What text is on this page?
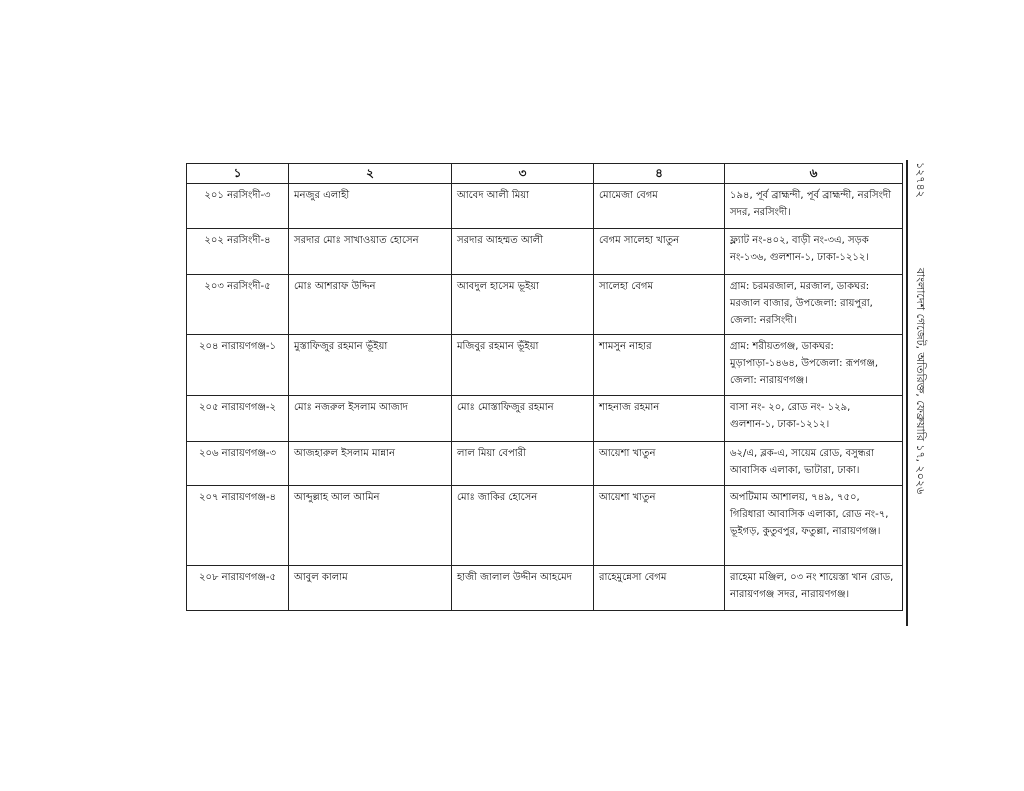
১	২	৩	৪	৬
২০১ নরসিংদী-৩	মনজুর এলাহী	আবেদ আলী মিয়া	মোমেজা বেগম	১৯৪, পূর্ব ব্রাহ্মন্দী, পূর্ব ব্রাহ্মন্দী, নরসিংদী সদর, নরসিংদী।
২০২ নরসিংদী-৪	সরদার মোঃ সাখাওয়াত হোসেন	সরদার আহম্মত আলী	বেগম সালেহা খাতুন	ফ্ল্যাট নং-৪০২, বাড়ী নং-৩এ, সড়ক নং-১৩৬, গুলশান-১, ঢাকা-১২১২।
২০৩ নরসিংদী-৫	মোঃ আশরাফ উদ্দিন	আবদুল হাসেম ভূইয়া	সালেহা বেগম	গ্রাম: চরমরজাল, মরজাল, ডাকঘর: মরজাল বাজার, উপজেলা: রায়পুরা, জেলা: নরসিংদী।
২০৪ নারায়ণগঞ্জ-১	মুস্তাফিজুর রহমান ভূঁইয়া	মজিবুর রহমান ভূঁইয়া	শামসুন নাহার	গ্রাম: শরীয়তগঞ্জ, ডাকঘর: মুড়াপাড়া-১৪৬৪, উপজেলা: রূপগঞ্জ, জেলা: নারায়ণগঞ্জ।
২০৫ নারায়ণগঞ্জ-২	মোঃ নজরুল ইসলাম আজাদ	মোঃ মোস্তাফিজুর রহমান	শাহনাজ রহমান	বাসা নং- ২০, রোড নং- ১২৯, গুলশান-১, ঢাকা-১২১২।
২০৬ নারায়ণগঞ্জ-৩	আজহারুল ইসলাম মান্নান	লাল মিয়া বেপারী	আয়েশা খাতুন	৬২/এ, ব্লক-এ, সায়েম রোড, বসুন্ধরা আবাসিক এলাকা, ভাটারা, ঢাকা।
২০৭ নারায়ণগঞ্জ-৪	আব্দুল্লাহ আল আমিন	মোঃ জাকির হোসেন	আয়েশা খাতুন	অপটিমাম আশালয়, ৭৪৯, ৭৫০, গিরিধারা আবাসিক এলাকা, রোড নং-৭, ভূইগড়, কুতুবপুর, ফতুল্লা, নারায়ণগঞ্জ।
২০৮ নারায়ণগঞ্জ-৫	আবুল কালাম	হাজী জালাল উদ্দীন আহমেদ	রাহেমুন্নেসা বেগম	রাহেমা মঞ্জিল, ০৩ নং শায়েস্তা খান রোড, নারায়ণগঞ্জ সদর, নারায়ণগঞ্জ।
১২৭৪২
বাংলাদেশ গেজেট, অতিরিক্ত, ফেব্রুয়ারি ১৭, ২০২৬
